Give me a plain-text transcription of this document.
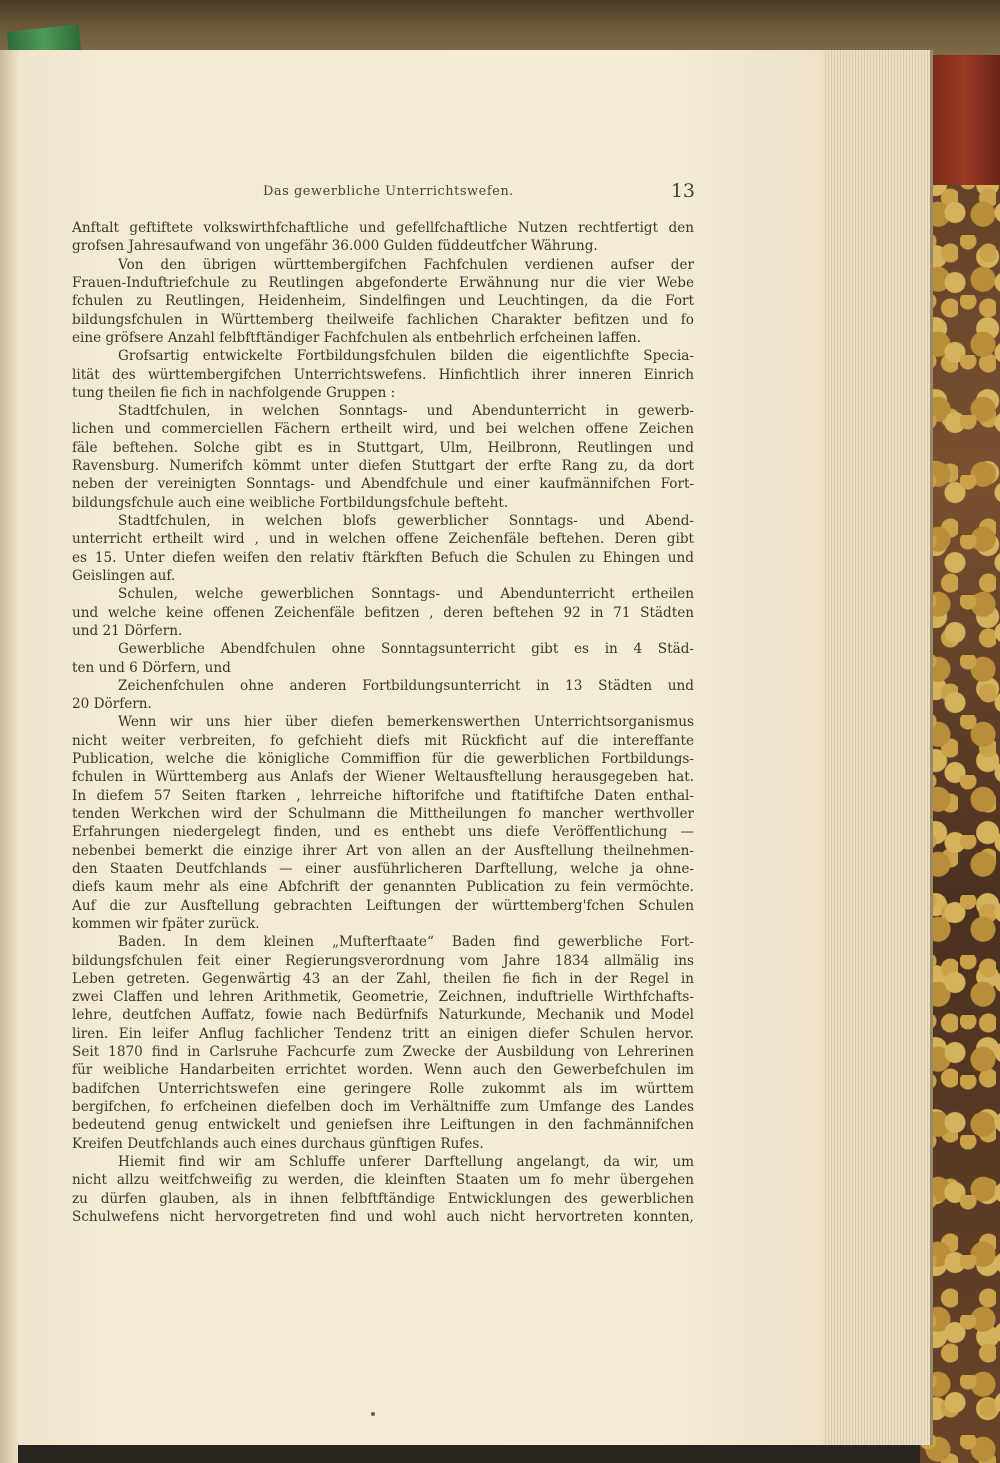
Das gewerbliche Unterrichtswefen.	13
Anftalt geftiftete volkswirthfchaftliche und gefellfchaftliche Nutzen rechtfertigt den
grofsen Jahresaufwand von ungefähr 36.000 Gulden füddeutfcher Währung.
Von den übrigen württembergifchen Fachfchulen verdienen aufser der
Frauen-Induftriefchule zu Reutlingen abgefonderte Erwähnung nur die vier Webe
fchulen zu Reutlingen, Heidenheim, Sindelfingen und Leuchtingen, da die Fort
bildungsfchulen in Württemberg theilweife fachlichen Charakter befitzen und fo
eine gröfsere Anzahl felbftftändiger Fachfchulen als entbehrlich erfcheinen laffen.
Grofsartig entwickelte Fortbildungsfchulen bilden die eigentlichfte Specia-
lität des württembergifchen Unterrichtswefens. Hinfichtlich ihrer inneren Einrich
tung theilen fie fich in nachfolgende Gruppen :
Stadtfchulen, in welchen Sonntags- und Abendunterricht in gewerb-
lichen und commerciellen Fächern ertheilt wird, und bei welchen offene Zeichen
fäle beftehen. Solche gibt es in Stuttgart, Ulm, Heilbronn, Reutlingen und
Ravensburg. Numerifch kömmt unter diefen Stuttgart der erfte Rang zu, da dort
neben der vereinigten Sonntags- und Abendfchule und einer kaufmännifchen Fort-
bildungsfchule auch eine weibliche Fortbildungsfchule befteht.
Stadtfchulen, in welchen blofs gewerblicher Sonntags- und Abend-
unterricht ertheilt wird , und in welchen offene Zeichenfäle beftehen. Deren gibt
es 15. Unter diefen weifen den relativ ftärkften Befuch die Schulen zu Ehingen und
Geislingen auf.
Schulen, welche gewerblichen Sonntags- und Abendunterricht ertheilen
und welche keine offenen Zeichenfäle befitzen , deren beftehen 92 in 71 Städten
und 21 Dörfern.
Gewerbliche Abendfchulen ohne Sonntagsunterricht gibt es in 4 Städ-
ten und 6 Dörfern, und
Zeichenfchulen ohne anderen Fortbildungsunterricht in 13 Städten und
20 Dörfern.
Wenn wir uns hier über diefen bemerkenswerthen Unterrichtsorganismus
nicht weiter verbreiten, fo gefchieht diefs mit Rückficht auf die intereffante
Publication, welche die königliche Commiffion für die gewerblichen Fortbildungs-
fchulen in Württemberg aus Anlafs der Wiener Weltausftellung herausgegeben hat.
In diefem 57 Seiten ftarken , lehrreiche hiftorifche und ftatiftifche Daten enthal-
tenden Werkchen wird der Schulmann die Mittheilungen fo mancher werthvoller
Erfahrungen niedergelegt finden, und es enthebt uns diefe Veröffentlichung —
nebenbei bemerkt die einzige ihrer Art von allen an der Ausftellung theilnehmen-
den Staaten Deutfchlands — einer ausführlicheren Darftellung, welche ja ohne-
diefs kaum mehr als eine Abfchrift der genannten Publication zu fein vermöchte.
Auf die zur Ausftellung gebrachten Leiftungen der württemberg'fchen Schulen
kommen wir fpäter zurück.
Baden. In dem kleinen „Mufterftaate“ Baden find gewerbliche Fort-
bildungsfchulen feit einer Regierungsverordnung vom Jahre 1834 allmälig ins
Leben getreten. Gegenwärtig 43 an der Zahl, theilen fie fich in der Regel in
zwei Claffen und lehren Arithmetik, Geometrie, Zeichnen, induftrielle Wirthfchafts-
lehre, deutfchen Auffatz, fowie nach Bedürfnifs Naturkunde, Mechanik und Model
liren. Ein leifer Anflug fachlicher Tendenz tritt an einigen diefer Schulen hervor.
Seit 1870 find in Carlsruhe Fachcurfe zum Zwecke der Ausbildung von Lehrerinen
für weibliche Handarbeiten errichtet worden. Wenn auch den Gewerbefchulen im
badifchen Unterrichtswefen eine geringere Rolle zukommt als im württem
bergifchen, fo erfcheinen diefelben doch im Verhältniffe zum Umfange des Landes
bedeutend genug entwickelt und geniefsen ihre Leiftungen in den fachmännifchen
Kreifen Deutfchlands auch eines durchaus günftigen Rufes.
Hiemit find wir am Schluffe unferer Darftellung angelangt, da wir, um
nicht allzu weitfchweifig zu werden, die kleinften Staaten um fo mehr übergehen
zu dürfen glauben, als in ihnen felbftftändige Entwicklungen des gewerblichen
Schulwefens nicht hervorgetreten find und wohl auch nicht hervortreten konnten,
